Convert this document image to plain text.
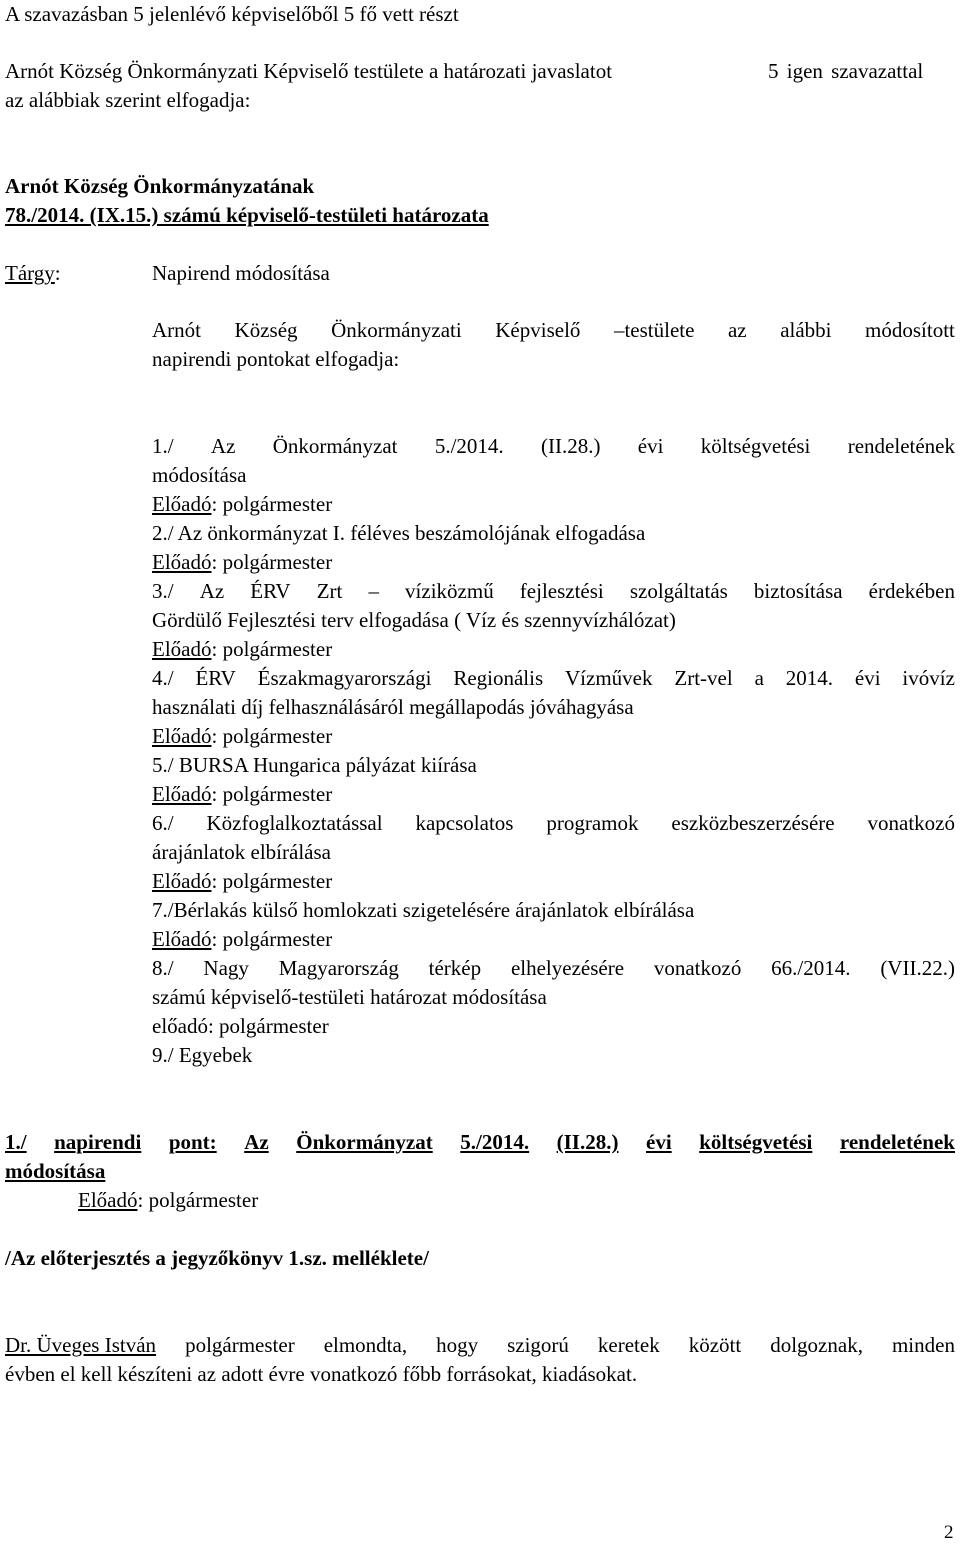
A szavazásban 5 jelenlévő képviselőből 5 fő vett részt
Arnót Község Önkormányzati Képviselő testülete a határozati javaslatot	5 igen szavazattal
az alábbiak szerint elfogadja:
Arnót Község Önkormányzatának
78./2014. (IX.15.) számú képviselő-testületi határozata
Tárgy:	Napirend módosítása
Arnót Község Önkormányzati Képviselő –testülete az alábbi módosított
napirendi pontokat elfogadja:
1./ Az Önkormányzat 5./2014. (II.28.) évi költségvetési rendeletének
módosítása
Előadó: polgármester
2./ Az önkormányzat I. féléves beszámolójának elfogadása
Előadó: polgármester
3./ Az ÉRV Zrt – víziközmű fejlesztési szolgáltatás biztosítása érdekében
Gördülő Fejlesztési terv elfogadása ( Víz és szennyvízhálózat)
Előadó: polgármester
4./ ÉRV Északmagyarországi Regionális Vízművek Zrt-vel a 2014. évi ivóvíz
használati díj felhasználásáról megállapodás jóváhagyása
Előadó: polgármester
5./ BURSA Hungarica pályázat kiírása
Előadó: polgármester
6./ Közfoglalkoztatással kapcsolatos programok eszközbeszerzésére vonatkozó
árajánlatok elbírálása
Előadó: polgármester
7./Bérlakás külső homlokzati szigetelésére árajánlatok elbírálása
Előadó: polgármester
8./ Nagy Magyarország térkép elhelyezésére vonatkozó 66./2014. (VII.22.)
számú képviselő-testületi határozat módosítása
előadó: polgármester
9./ Egyebek
1./ napirendi pont: Az Önkormányzat 5./2014. (II.28.) évi költségvetési rendeletének
módosítása
Előadó: polgármester
/Az előterjesztés a jegyzőkönyv 1.sz. melléklete/
Dr. Üveges István polgármester elmondta, hogy szigorú keretek között dolgoznak, minden
évben el kell készíteni az adott évre vonatkozó főbb forrásokat, kiadásokat.
2
